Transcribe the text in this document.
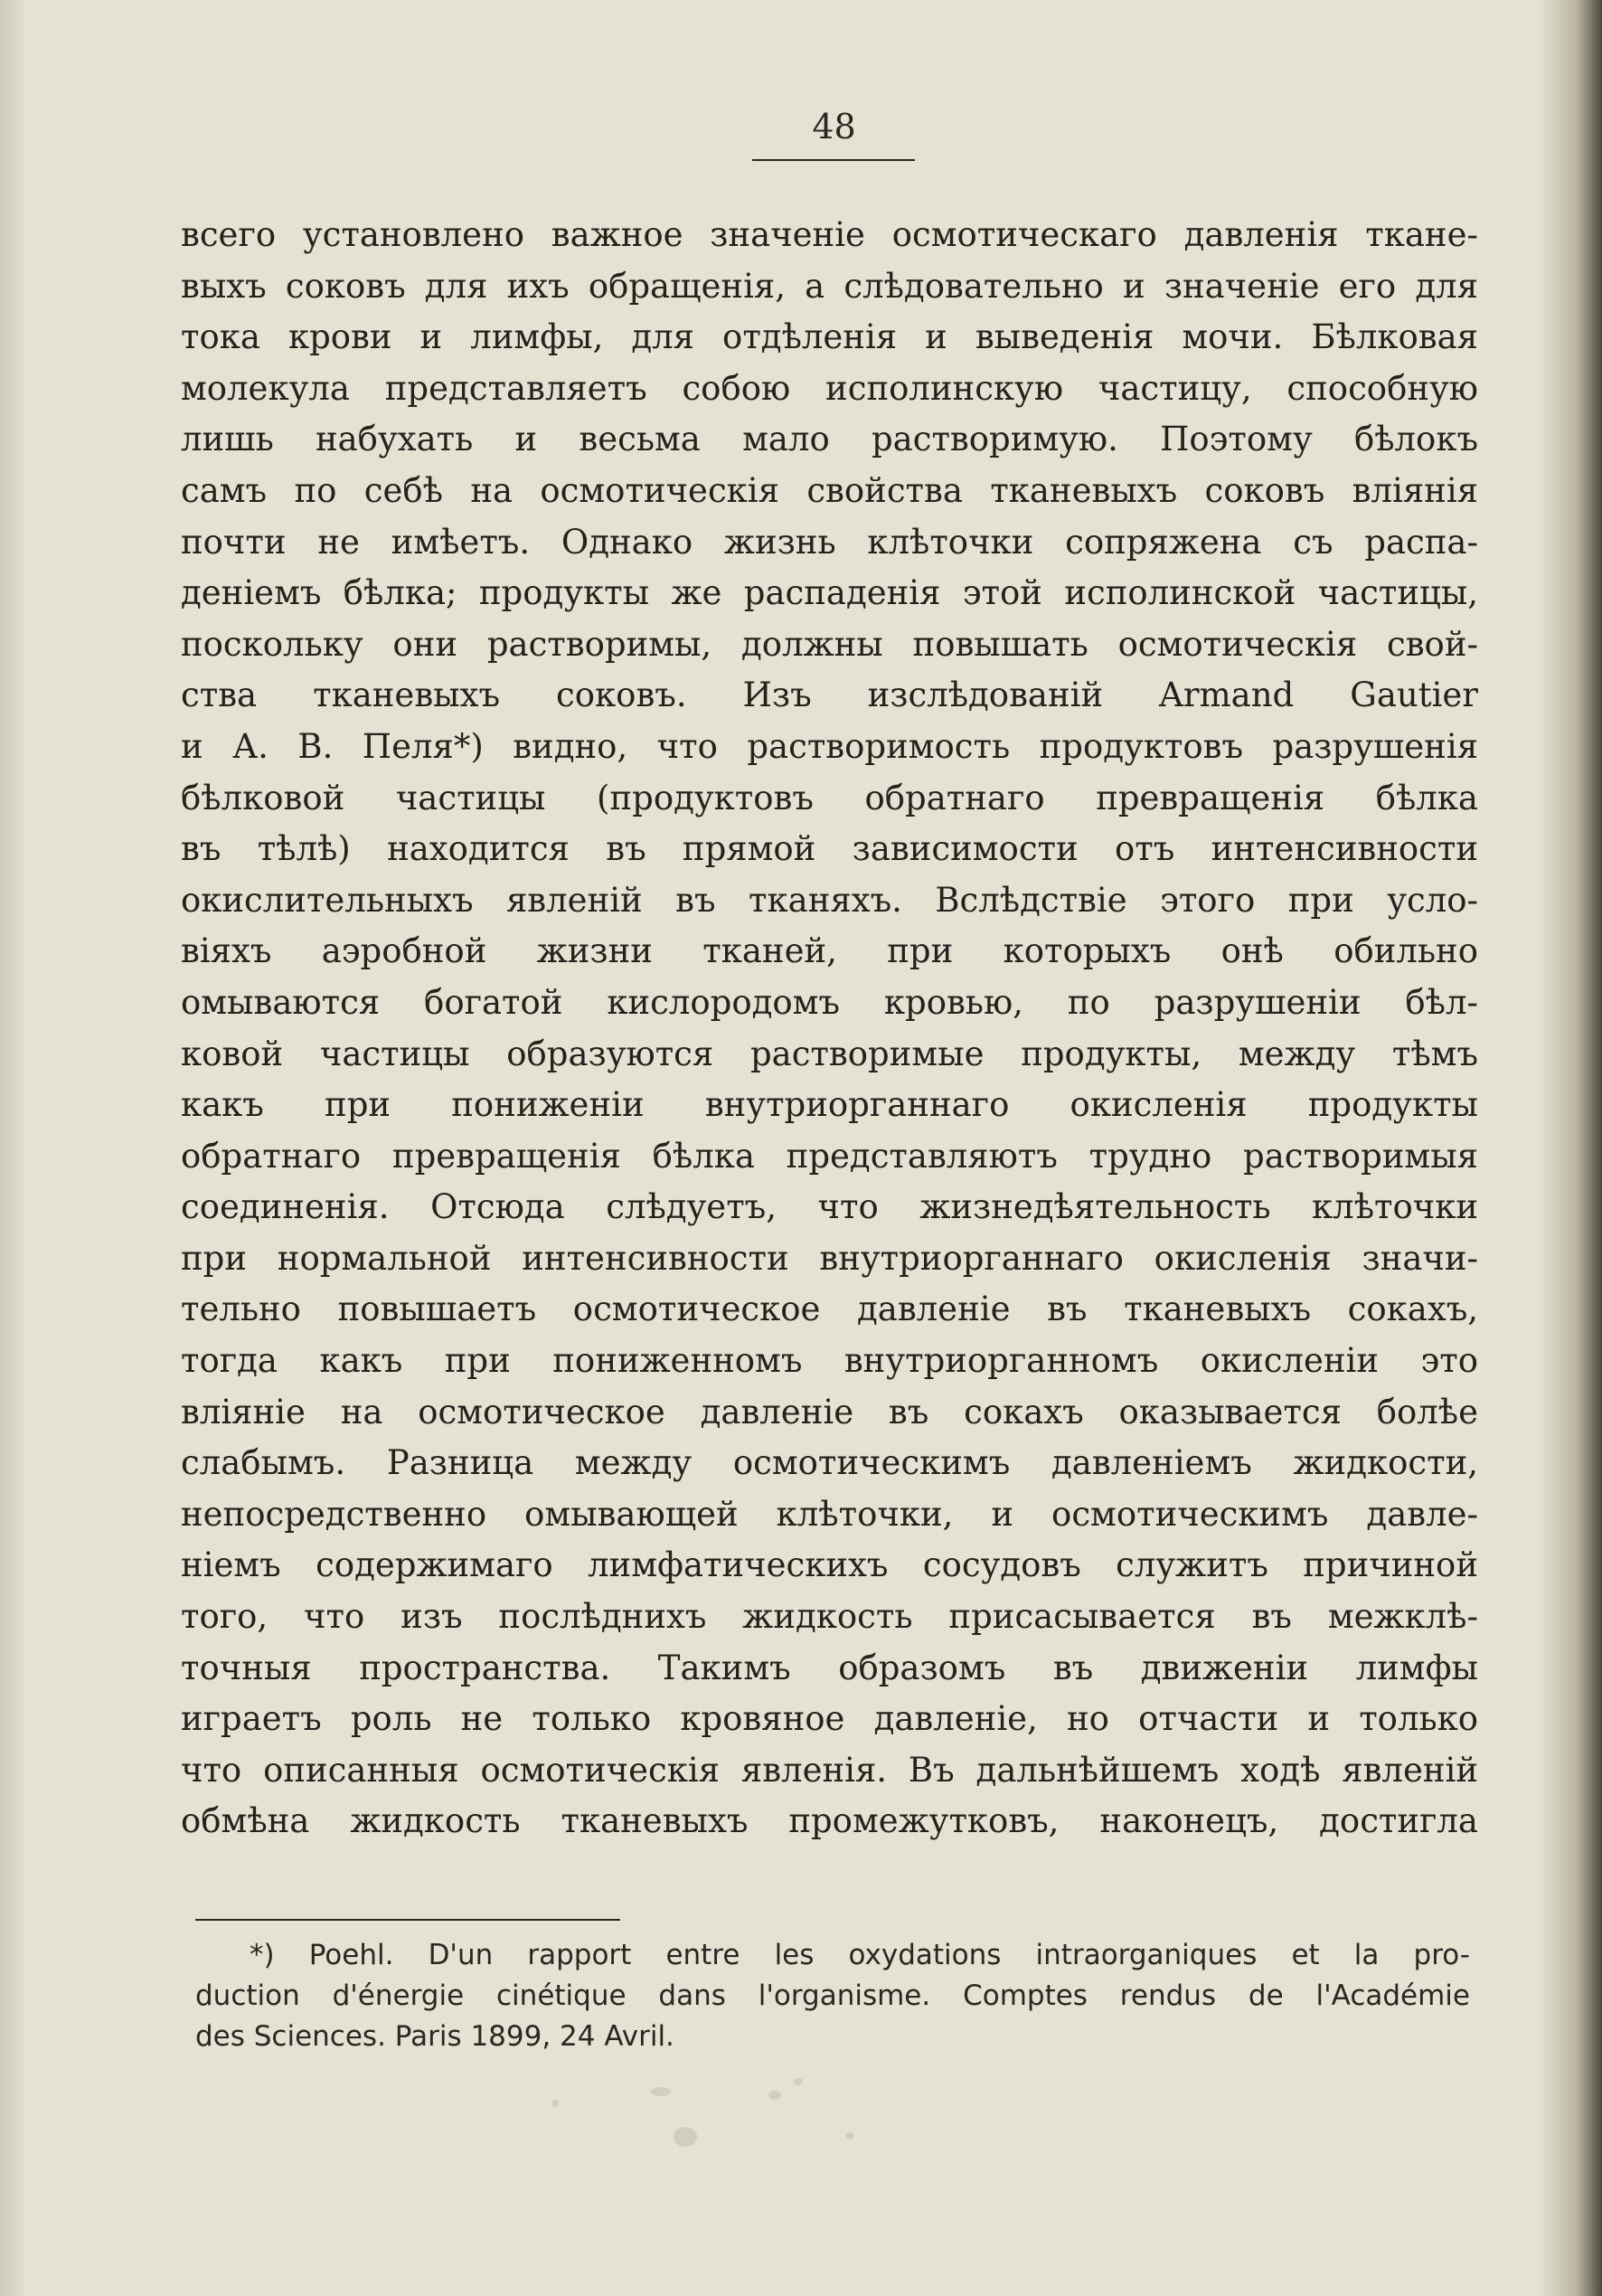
48
всего установлено важное значеніе осмотическаго давленія ткане-
выхъ соковъ для ихъ обращенія, а слѣдовательно и значеніе его для
тока крови и лимфы, для отдѣленія и выведенія мочи. Бѣлковая
молекула представляетъ собою исполинскую частицу, способную
лишь набухать и весьма мало растворимую. Поэтому бѣлокъ
самъ по себѣ на осмотическія свойства тканевыхъ соковъ вліянія
почти не имѣетъ. Однако жизнь клѣточки сопряжена съ распа-
деніемъ бѣлка; продукты же распаденія этой исполинской частицы,
поскольку они растворимы, должны повышать осмотическія свой-
ства тканевыхъ соковъ. Изъ изслѣдованій Armand Gautier
и А. В. Пеля*) видно, что растворимость продуктовъ разрушенія
бѣлковой частицы (продуктовъ обратнаго превращенія бѣлка
въ тѣлѣ) находится въ прямой зависимости отъ интенсивности
окислительныхъ явленій въ тканяхъ. Вслѣдствіе этого при усло-
віяхъ аэробной жизни тканей, при которыхъ онѣ обильно
омываются богатой кислородомъ кровью, по разрушеніи бѣл-
ковой частицы образуются растворимые продукты, между тѣмъ
какъ при пониженіи внутриорганнаго окисленія продукты
обратнаго превращенія бѣлка представляютъ трудно растворимыя
соединенія. Отсюда слѣдуетъ, что жизнедѣятельность клѣточки
при нормальной интенсивности внутриорганнаго окисленія значи-
тельно повышаетъ осмотическое давленіе въ тканевыхъ сокахъ,
тогда какъ при пониженномъ внутриорганномъ окисленіи это
вліяніе на осмотическое давленіе въ сокахъ оказывается болѣе
слабымъ. Разница между осмотическимъ давленіемъ жидкости,
непосредственно омывающей клѣточки, и осмотическимъ давле-
ніемъ содержимаго лимфатическихъ сосудовъ служитъ причиной
того, что изъ послѣднихъ жидкость присасывается въ межклѣ-
точныя пространства. Такимъ образомъ въ движеніи лимфы
играетъ роль не только кровяное давленіе, но отчасти и только
что описанныя осмотическія явленія. Въ дальнѣйшемъ ходѣ явленій
обмѣна жидкость тканевыхъ промежутковъ, наконецъ, достигла
*) Poehl. D'un rapport entre les oxydations intraorganiques et la pro-
duction d'énergie cinétique dans l'organisme. Comptes rendus de l'Académie
des Sciences. Paris 1899, 24 Avril.
